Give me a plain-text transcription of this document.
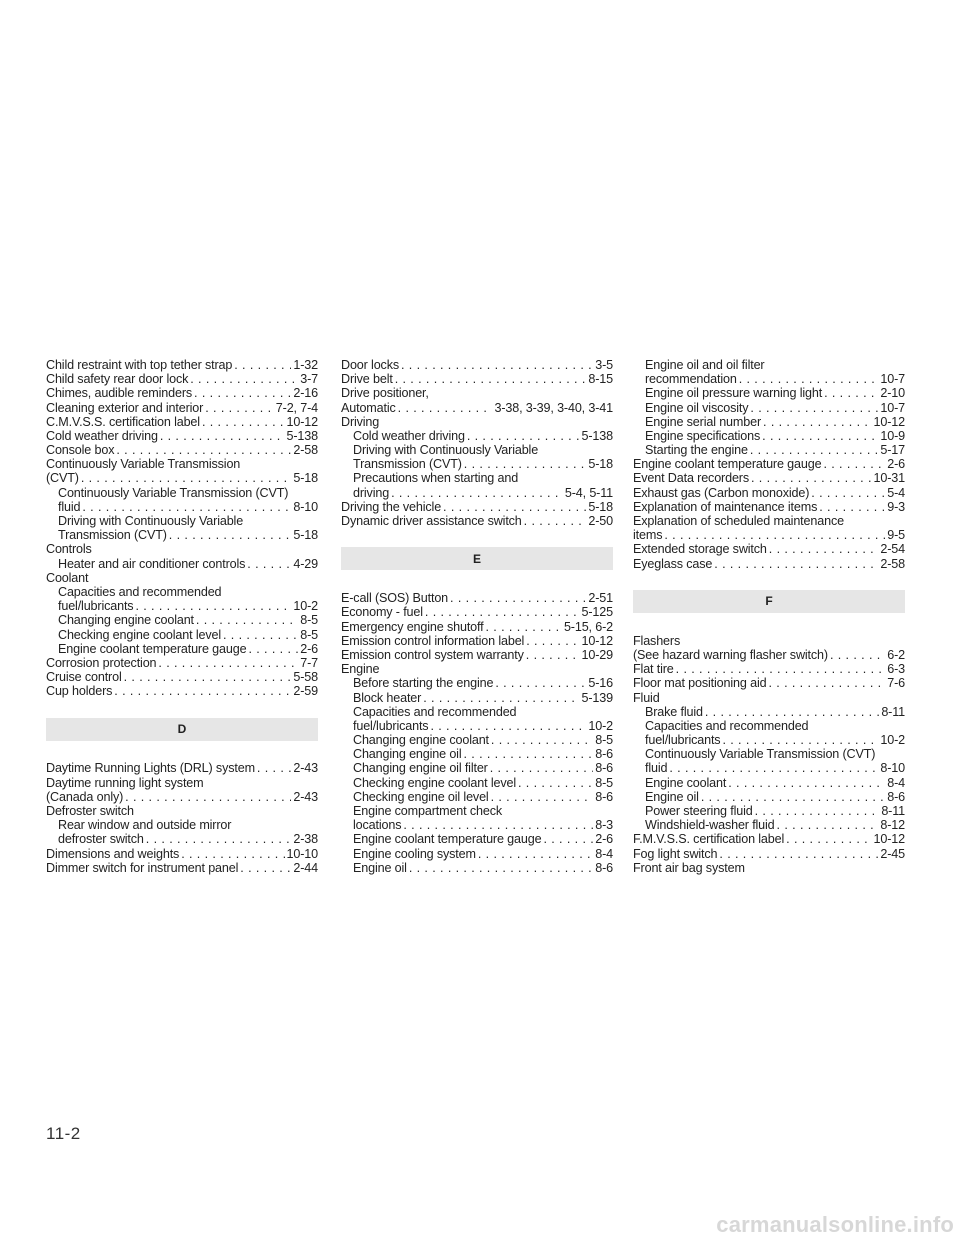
Child restraint with top tether strap . . .	1-32
Child safety rear door lock . . .	3-7
Chimes, audible reminders . . .	2-16
Cleaning exterior and interior . . .	7-2, 7-4
C.M.V.S.S. certification label . . .	10-12
Cold weather driving . . .	5-138
Console box . . .	2-58
Continuously Variable Transmission
(CVT) . . .	5-18
Continuously Variable Transmission (CVT)
fluid . . .	8-10
Driving with Continuously Variable
Transmission (CVT) . . .	5-18
Controls
Heater and air conditioner controls . . .	4-29
Coolant
Capacities and recommended
fuel/lubricants . . .	10-2
Changing engine coolant . . .	8-5
Checking engine coolant level . . .	8-5
Engine coolant temperature gauge . . .	2-6
Corrosion protection . . .	7-7
Cruise control . . .	5-58
Cup holders . . .	2-59
D
Daytime Running Lights (DRL) system . . .	2-43
Daytime running light system
(Canada only) . . .	2-43
Defroster switch
Rear window and outside mirror
defroster switch . . .	2-38
Dimensions and weights . . .	10-10
Dimmer switch for instrument panel . . .	2-44
Door locks . . .	3-5
Drive belt . . .	8-15
Drive positioner,
Automatic . . .	3-38, 3-39, 3-40, 3-41
Driving
Cold weather driving . . .	5-138
Driving with Continuously Variable
Transmission (CVT) . . .	5-18
Precautions when starting and
driving . . .	5-4, 5-11
Driving the vehicle . . .	5-18
Dynamic driver assistance switch . . .	2-50
E
E-call (SOS) Button . . .	2-51
Economy - fuel . . .	5-125
Emergency engine shutoff . . .	5-15, 6-2
Emission control information label . . .	10-12
Emission control system warranty . . .	10-29
Engine
Before starting the engine . . .	5-16
Block heater . . .	5-139
Capacities and recommended
fuel/lubricants . . .	10-2
Changing engine coolant . . .	8-5
Changing engine oil . . .	8-6
Changing engine oil filter . . .	8-6
Checking engine coolant level . . .	8-5
Checking engine oil level . . .	8-6
Engine compartment check
locations . . .	8-3
Engine coolant temperature gauge . . .	2-6
Engine cooling system . . .	8-4
Engine oil . . .	8-6
Engine oil and oil filter
recommendation . . .	10-7
Engine oil pressure warning light . . .	2-10
Engine oil viscosity . . .	10-7
Engine serial number . . .	10-12
Engine specifications . . .	10-9
Starting the engine . . .	5-17
Engine coolant temperature gauge . . .	2-6
Event Data recorders . . .	10-31
Exhaust gas (Carbon monoxide) . . .	5-4
Explanation of maintenance items . . .	9-3
Explanation of scheduled maintenance
items . . .	9-5
Extended storage switch . . .	2-54
Eyeglass case . . .	2-58
F
Flashers
(See hazard warning flasher switch) . . .	6-2
Flat tire . . .	6-3
Floor mat positioning aid . . .	7-6
Fluid
Brake fluid . . .	8-11
Capacities and recommended
fuel/lubricants . . .	10-2
Continuously Variable Transmission (CVT)
fluid . . .	8-10
Engine coolant . . .	8-4
Engine oil . . .	8-6
Power steering fluid . . .	8-11
Windshield-washer fluid . . .	8-12
F.M.V.S.S. certification label . . .	10-12
Fog light switch . . .	2-45
Front air bag system
11-2
carmanualsonline.info
